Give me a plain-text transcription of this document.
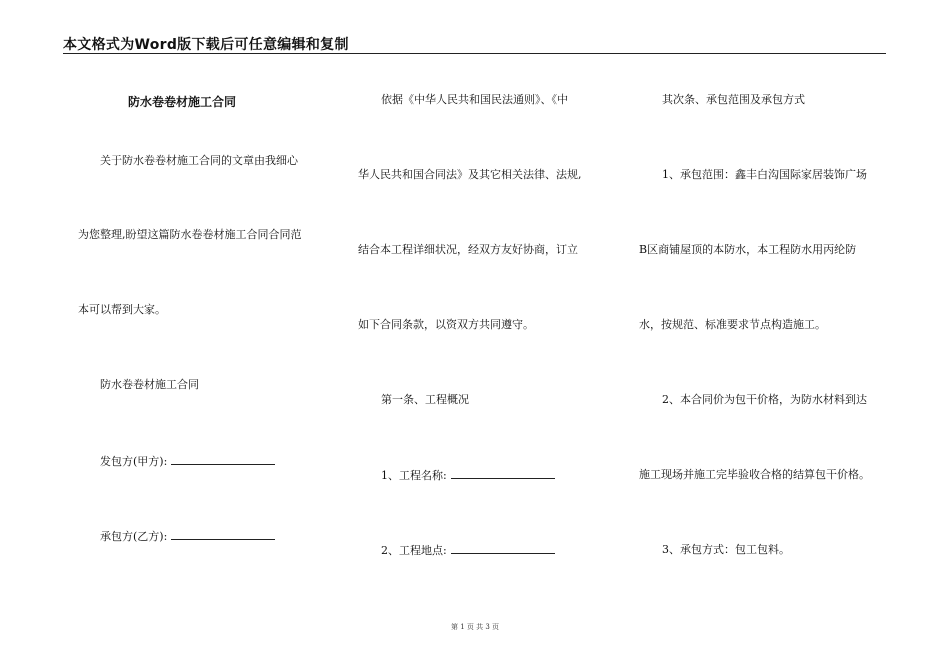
本文格式为Word版下载后可任意编辑和复制
防水卷卷材施工合同
关于防水卷卷材施工合同的文章由我细心
为您整理,盼望这篇防水卷卷材施工合同合同范
本可以帮到大家。
防水卷卷材施工合同
发包方(甲方):
承包方(乙方):
依据《中华人民共和国民法通则》、《中
华人民共和国合同法》及其它相关法律、法规,
结合本工程详细状况，经双方友好协商，订立
如下合同条款，以资双方共同遵守。
第一条、工程概况
1、工程名称:
2、工程地点:
其次条、承包范围及承包方式
1、承包范围：鑫丰白沟国际家居装饰广场
B区商铺屋顶的本防水，本工程防水用丙纶防
水，按规范、标准要求节点构造施工。
2、本合同价为包干价格，为防水材料到达
施工现场并施工完毕验收合格的结算包干价格。
3、承包方式：包工包料。
第 1 页 共 3 页
